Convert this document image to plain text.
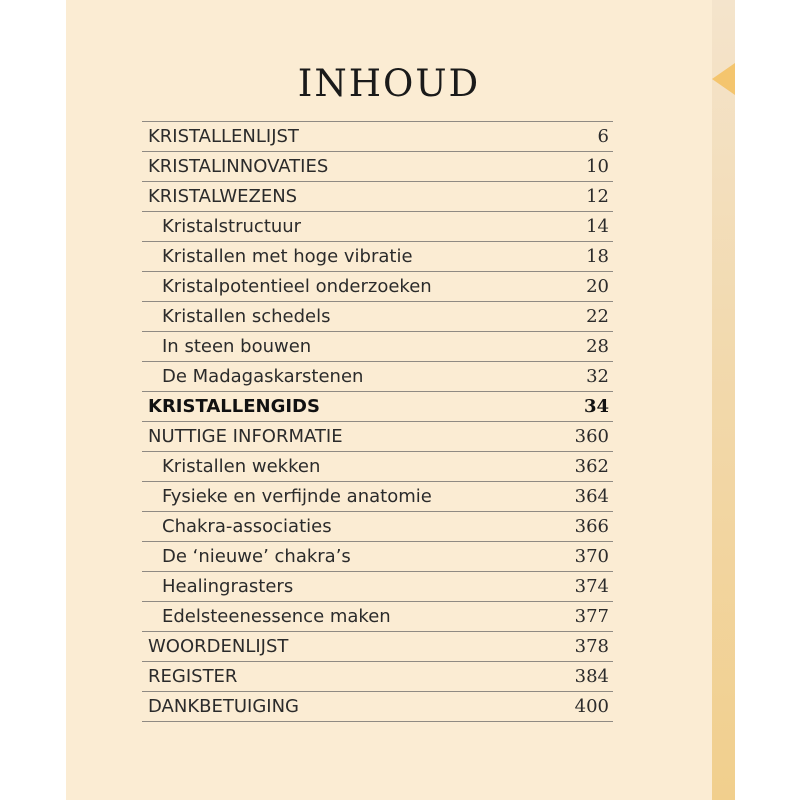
INHOUD
KRISTALLENLIJST	6
KRISTALINNOVATIES	10
KRISTALWEZENS	12
Kristalstructuur	14
Kristallen met hoge vibratie	18
Kristalpotentieel onderzoeken	20
Kristallen schedels	22
In steen bouwen	28
De Madagaskarstenen	32
KRISTALLENGIDS	34
NUTTIGE INFORMATIE	360
Kristallen wekken	362
Fysieke en verfijnde anatomie	364
Chakra-associaties	366
De ‘nieuwe’ chakra’s	370
Healingrasters	374
Edelsteenessence maken	377
WOORDENLIJST	378
REGISTER	384
DANKBETUIGING	400
